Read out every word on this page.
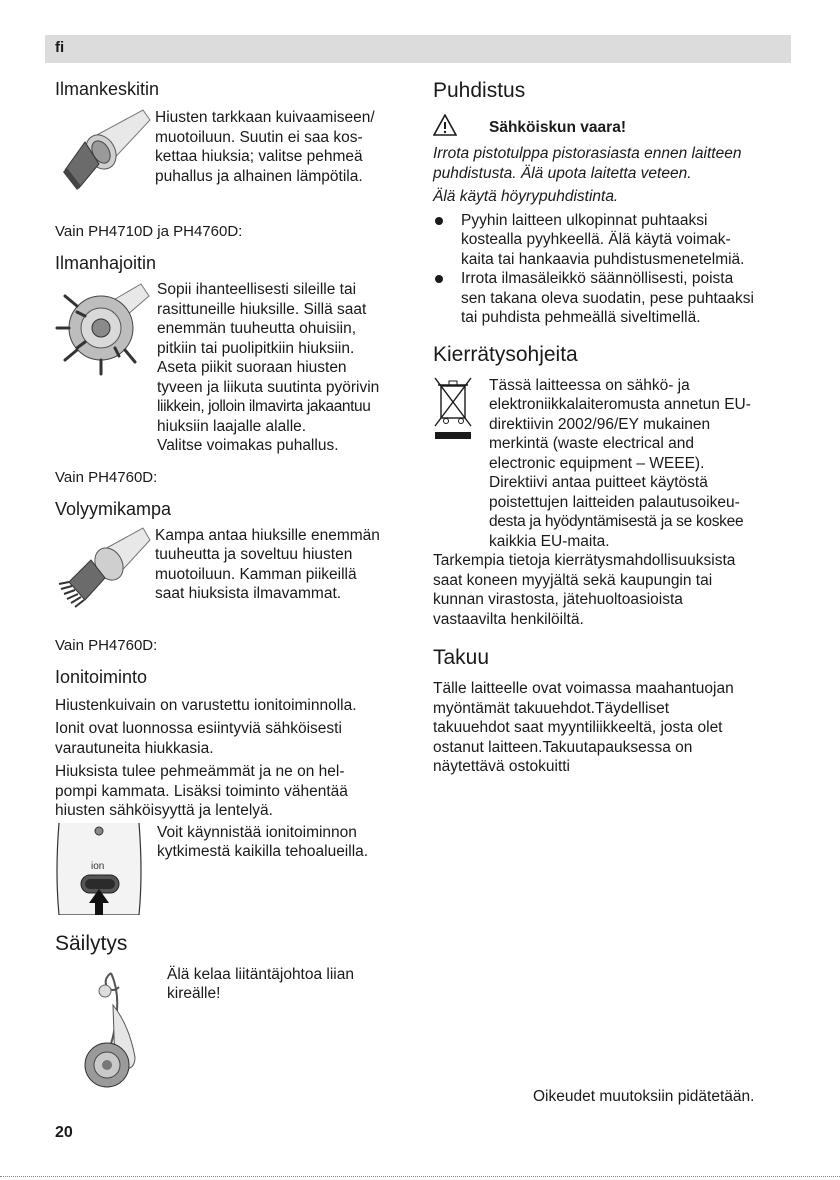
fi
Ilmankeskitin

Hiusten tarkkaan kuivaamiseen/

muotoiluun. Suutin ei saa kos-

kettaa hiuksia; valitse pehmeä

puhallus ja alhainen lämpötila.

Vain PH4710D ja PH4760D:

Ilmanhajoitin

Sopii ihanteellisesti sileille tai

rasittuneille hiuksille. Sillä saat

enemmän tuuheutta ohuisiin,

pitkiin tai puolipitkiin hiuksiin.

Aseta piikit suoraan hiusten

tyveen ja liikuta suutinta pyörivin

liikkein, jolloin ilmavirta jakaantuu

hiuksiin laajalle alalle.

Valitse voimakas puhallus.

Vain PH4760D:

Volyymikampa

Kampa antaa hiuksille enemmän

tuuheutta ja soveltuu hiusten

muotoiluun. Kamman piikeillä

saat hiuksista ilmavammat.

Vain PH4760D:

Ionitoiminto

Hiustenkuivain on varustettu ionitoiminnolla.

Ionit ovat luonnossa esiintyviä sähköisesti

varautuneita hiukkasia.

Hiuksista tulee pehmeämmät ja ne on hel-

pompi kammata. Lisäksi toiminto vähentää

hiusten sähköisyyttä ja lentelyä.

ion

Voit käynnistää ionitoiminnon

kytkimestä kaikilla tehoalueilla.

Säilytys

Älä kelaa liitäntäjohtoa liian

kireälle!

Puhdistus
Sähköiskun vaara!

Irrota pistotulppa pistorasiasta ennen laitteen

puhdistusta. Älä upota laitetta veteen.

Älä käytä höyrypuhdistinta.

Pyyhin laitteen ulkopinnat puhtaaksi
kostealla pyyhkeellä. Älä käytä voimak-
kaita tai hankaavia puhdistusmenetelmiä.
Irrota ilmasäleikkö säännöllisesti, poista
sen takana oleva suodatin, pese puhtaaksi
tai puhdista pehmeällä siveltimellä.
Kierrätysohjeita

Tässä laitteessa on sähkö- ja

elektroniikkalaiteromusta annetun EU-

direktiivin 2002/96/EY mukainen

merkintä (waste electrical and

electronic equipment – WEEE).

Direktiivi antaa puitteet käytöstä

poistettujen laitteiden palautusoikeu-

desta ja hyödyntämisestä ja se koskee

kaikkia EU-maita.

Tarkempia tietoja kierrätysmahdollisuuksista

saat koneen myyjältä sekä kaupungin tai

kunnan virastosta, jätehuoltoasioista

vastaavilta henkilöiltä.

Takuu

Tälle laitteelle ovat voimassa maahantuojan

myöntämät takuuehdot.Täydelliset

takuuehdot saat myyntiliikkeeltä, josta olet

ostanut laitteen.Takuutapauksessa on

näytettävä ostokuitti

Oikeudet muutoksiin pidätetään.
20
